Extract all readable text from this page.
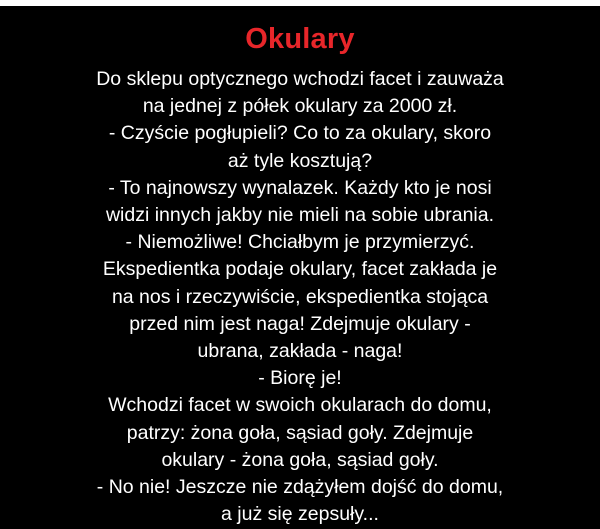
Okulary
Do sklepu optycznego wchodzi facet i zauważa
na jednej z półek okulary za 2000 zł.
- Czyście pogłupieli? Co to za okulary, skoro
aż tyle kosztują?
- To najnowszy wynalazek. Każdy kto je nosi
widzi innych jakby nie mieli na sobie ubrania.
- Niemożliwe! Chciałbym je przymierzyć.
Ekspedientka podaje okulary, facet zakłada je
na nos i rzeczywiście, ekspedientka stojąca
przed nim jest naga! Zdejmuje okulary -
ubrana, zakłada - naga!
- Biorę je!
Wchodzi facet w swoich okularach do domu,
patrzy: żona goła, sąsiad goły. Zdejmuje
okulary - żona goła, sąsiad goły.
- No nie! Jeszcze nie zdążyłem dojść do domu,
a już się zepsuły...
